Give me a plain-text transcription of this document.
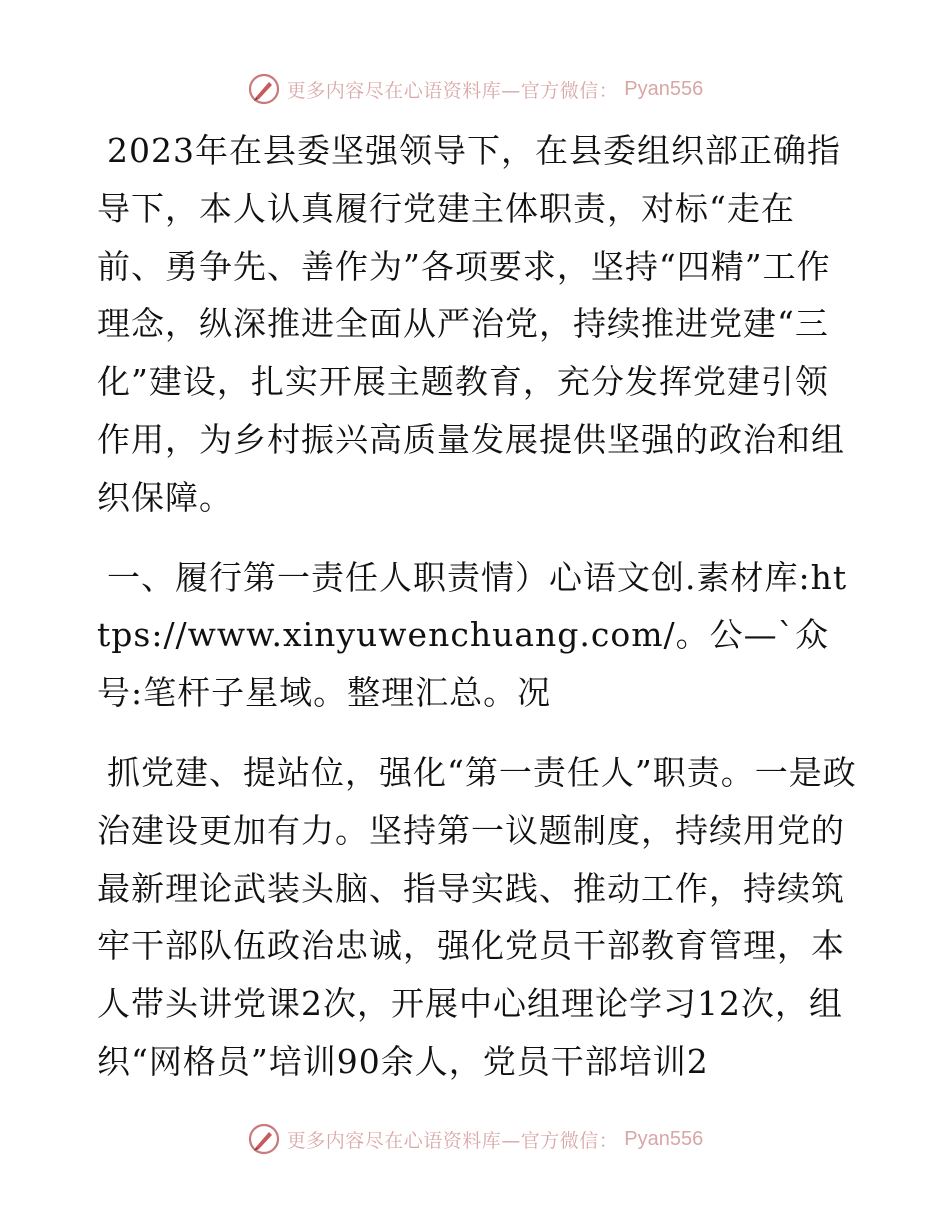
更多内容尽在心语资料库—官方微信： Pyan556

2023年在县委坚强领导下，在县委组织部正确指导下，本人认真履行党建主体职责，对标“走在前、勇争先、善作为”各项要求，坚持“四精”工作理念，纵深推进全面从严治党，持续推进党建“三化”建设，扎实开展主题教育，充分发挥党建引领作用，为乡村振兴高质量发展提供坚强的政治和组织保障。

一、履行第一责任人职责情）心语文创.素材库:https://www.xinyuwenchuang.com/。公—`众号:笔杆子星域。整理汇总。况

抓党建、提站位，强化“第一责任人”职责。一是政治建设更加有力。坚持第一议题制度，持续用党的最新理论武装头脑、指导实践、推动工作，持续筑牢干部队伍政治忠诚，强化党员干部教育管理，本人带头讲党课2次，开展中心组理论学习12次，组织“网格员”培训90余人，党员干部培训2

更多内容尽在心语资料库—官方微信： Pyan556
